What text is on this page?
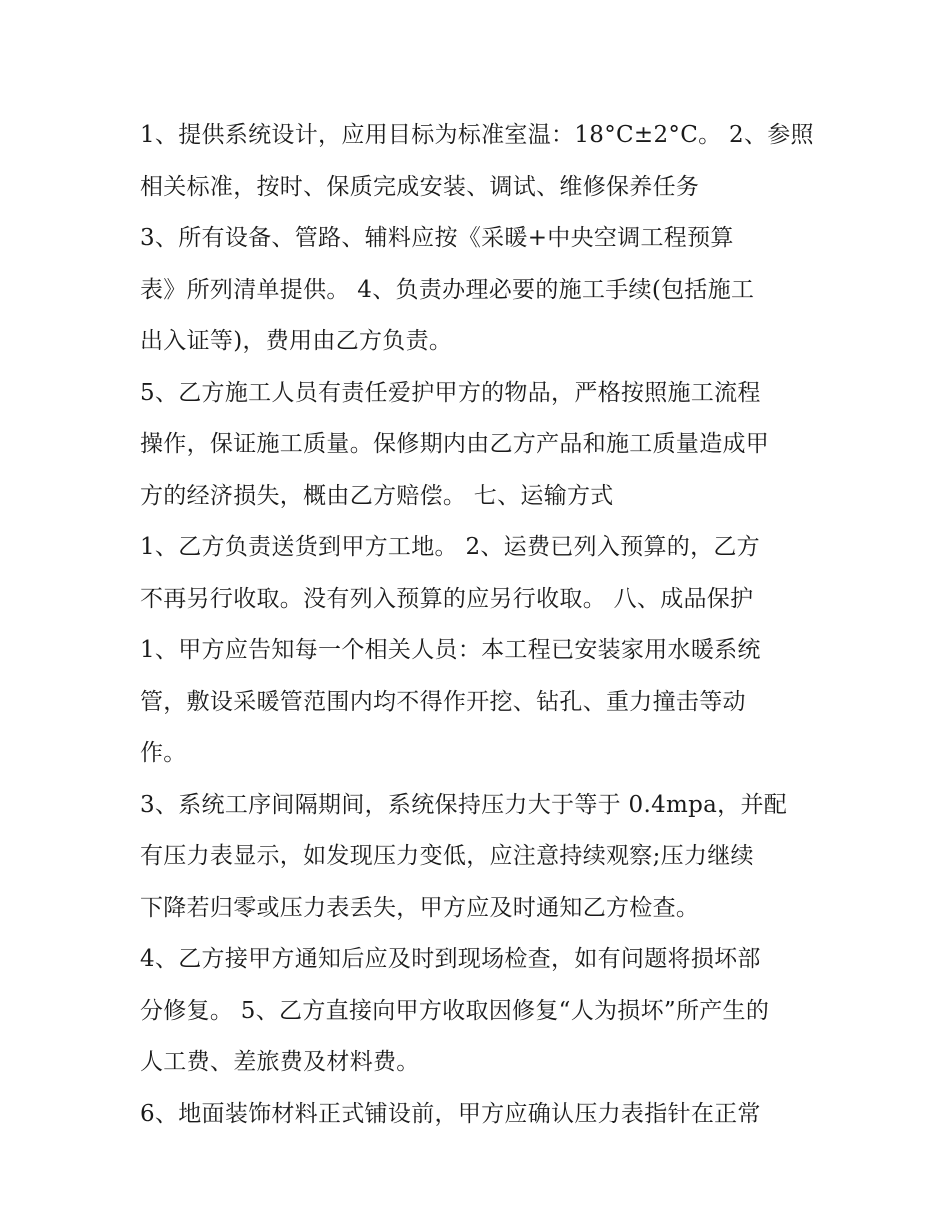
1、提供系统设计，应用目标为标准室温：18°C±2°C。 2、参照
相关标准，按时、保质完成安装、调试、维修保养任务
3、所有设备、管路、辅料应按《采暖+中央空调工程预算
表》所列清单提供。 4、负责办理必要的施工手续(包括施工
出入证等)，费用由乙方负责。
5、乙方施工人员有责任爱护甲方的物品，严格按照施工流程
操作，保证施工质量。保修期内由乙方产品和施工质量造成甲
方的经济损失，概由乙方赔偿。 七、运输方式
1、乙方负责送货到甲方工地。 2、运费已列入预算的，乙方
不再另行收取。没有列入预算的应另行收取。 八、成品保护
1、甲方应告知每一个相关人员：本工程已安装家用水暖系统
管，敷设采暖管范围内均不得作开挖、钻孔、重力撞击等动
作。
3、系统工序间隔期间，系统保持压力大于等于 0.4mpa，并配
有压力表显示，如发现压力变低，应注意持续观察;压力继续
下降若归零或压力表丢失，甲方应及时通知乙方检查。
4、乙方接甲方通知后应及时到现场检查，如有问题将损坏部
分修复。 5、乙方直接向甲方收取因修复“人为损坏”所产生的
人工费、差旅费及材料费。
6、地面装饰材料正式铺设前，甲方应确认压力表指针在正常
